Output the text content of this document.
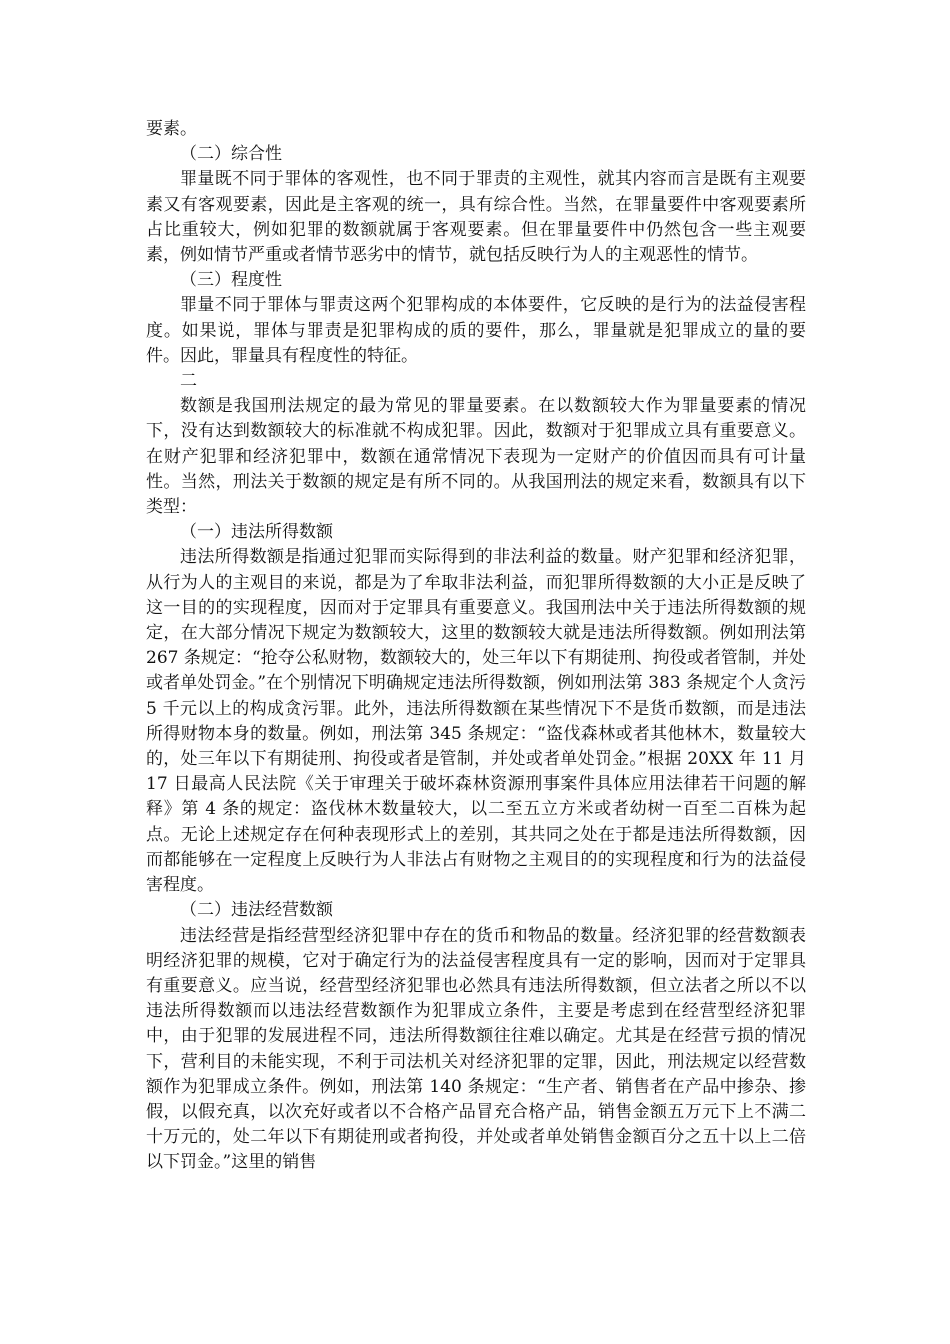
要素。

（二）综合性

罪量既不同于罪体的客观性，也不同于罪责的主观性，就其内容而言是既有主观要素又有客观要素，因此是主客观的统一，具有综合性。当然，在罪量要件中客观要素所占比重较大，例如犯罪的数额就属于客观要素。但在罪量要件中仍然包含一些主观要素，例如情节严重或者情节恶劣中的情节，就包括反映行为人的主观恶性的情节。

（三）程度性

罪量不同于罪体与罪责这两个犯罪构成的本体要件，它反映的是行为的法益侵害程度。如果说，罪体与罪责是犯罪构成的质的要件，那么，罪量就是犯罪成立的量的要件。因此，罪量具有程度性的特征。

二

数额是我国刑法规定的最为常见的罪量要素。在以数额较大作为罪量要素的情况下，没有达到数额较大的标准就不构成犯罪。因此，数额对于犯罪成立具有重要意义。在财产犯罪和经济犯罪中，数额在通常情况下表现为一定财产的价值因而具有可计量性。当然，刑法关于数额的规定是有所不同的。从我国刑法的规定来看，数额具有以下类型：

（一）违法所得数额

违法所得数额是指通过犯罪而实际得到的非法利益的数量。财产犯罪和经济犯罪，从行为人的主观目的来说，都是为了牟取非法利益，而犯罪所得数额的大小正是反映了这一目的的实现程度，因而对于定罪具有重要意义。我国刑法中关于违法所得数额的规定，在大部分情况下规定为数额较大，这里的数额较大就是违法所得数额。例如刑法第 267 条规定：“抢夺公私财物，数额较大的，处三年以下有期徒刑、拘役或者管制，并处或者单处罚金。”在个别情况下明确规定违法所得数额，例如刑法第 383 条规定个人贪污 5 千元以上的构成贪污罪。此外，违法所得数额在某些情况下不是货币数额，而是违法所得财物本身的数量。例如，刑法第 345 条规定：“盗伐森林或者其他林木，数量较大的，处三年以下有期徒刑、拘役或者是管制，并处或者单处罚金。”根据 20XX 年 11 月 17 日最高人民法院《关于审理关于破坏森林资源刑事案件具体应用法律若干问题的解释》第 4 条的规定：盗伐林木数量较大，以二至五立方米或者幼树一百至二百株为起点。无论上述规定存在何种表现形式上的差别，其共同之处在于都是违法所得数额，因而都能够在一定程度上反映行为人非法占有财物之主观目的的实现程度和行为的法益侵害程度。

（二）违法经营数额

违法经营是指经营型经济犯罪中存在的货币和物品的数量。经济犯罪的经营数额表明经济犯罪的规模，它对于确定行为的法益侵害程度具有一定的影响，因而对于定罪具有重要意义。应当说，经营型经济犯罪也必然具有违法所得数额，但立法者之所以不以违法所得数额而以违法经营数额作为犯罪成立条件，主要是考虑到在经营型经济犯罪中，由于犯罪的发展进程不同，违法所得数额往往难以确定。尤其是在经营亏损的情况下，营利目的未能实现，不利于司法机关对经济犯罪的定罪，因此，刑法规定以经营数额作为犯罪成立条件。例如，刑法第 140 条规定：“生产者、销售者在产品中掺杂、掺假，以假充真，以次充好或者以不合格产品冒充合格产品，销售金额五万元下上不满二十万元的，处二年以下有期徒刑或者拘役，并处或者单处销售金额百分之五十以上二倍以下罚金。”这里的销售
